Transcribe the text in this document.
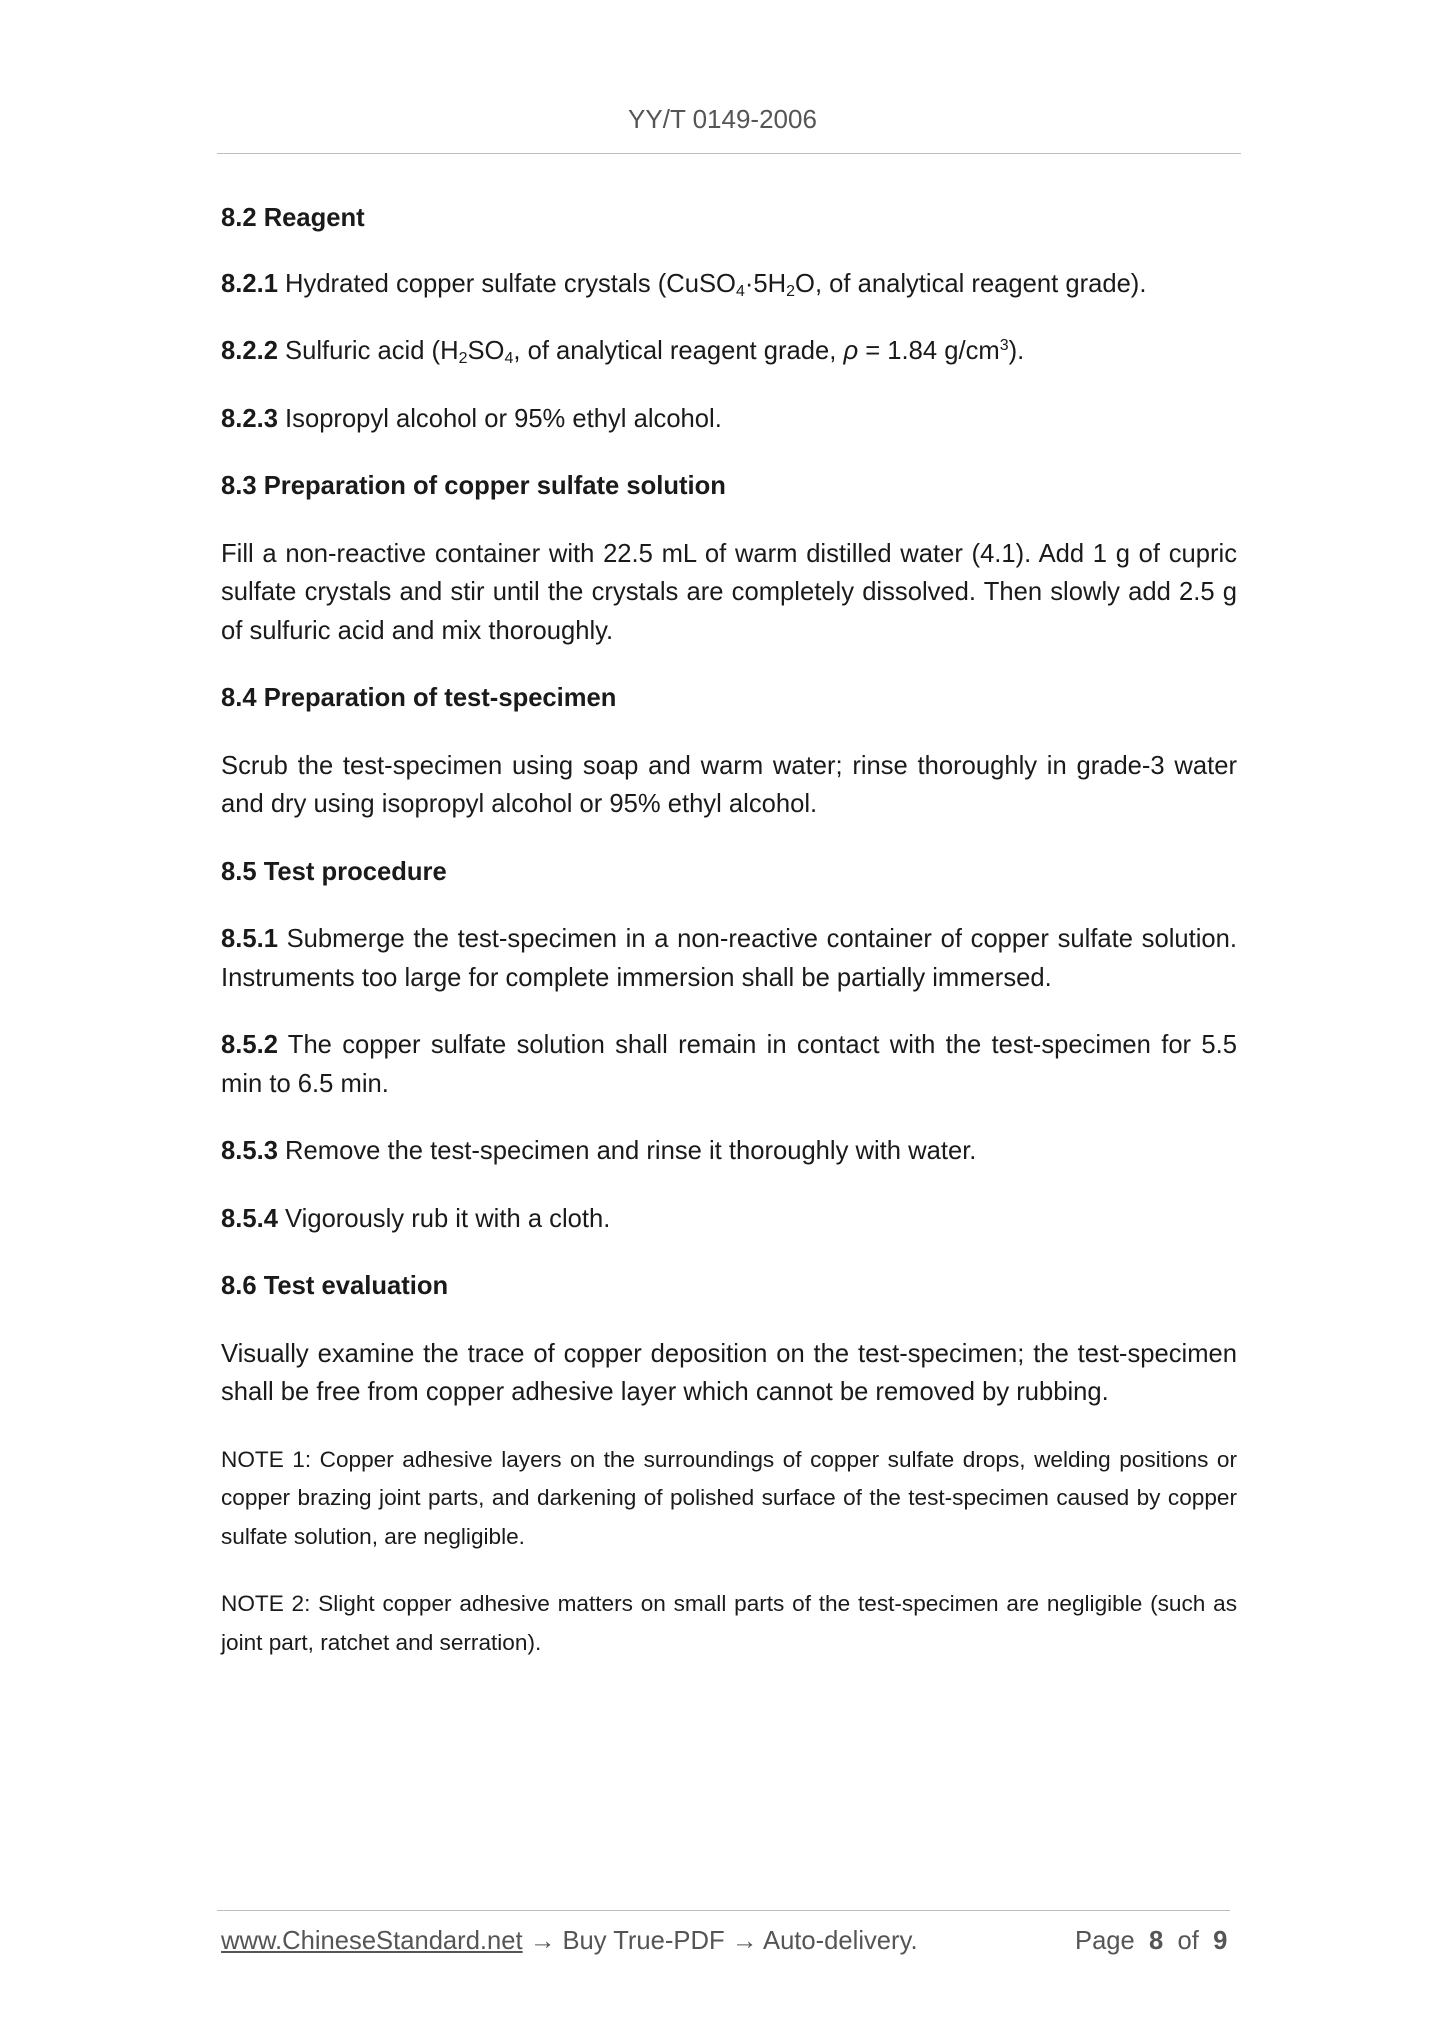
YY/T 0149-2006

8.2 Reagent

8.2.1 Hydrated copper sulfate crystals ($CuSO_4\cdot 5H_2O$, of analytical reagent grade).

8.2.2 Sulfuric acid ($H_2SO_4$, of analytical reagent grade, ρ = 1.84 $g/cm^3$).

8.2.3 Isopropyl alcohol or 95% ethyl alcohol.

8.3 Preparation of copper sulfate solution

Fill a non-reactive container with 22.5 mL of warm distilled water (4.1). Add 1 g of cupric sulfate crystals and stir until the crystals are completely dissolved. Then slowly add 2.5 g of sulfuric acid and mix thoroughly.

8.4 Preparation of test-specimen

Scrub the test-specimen using soap and warm water; rinse thoroughly in grade-3 water and dry using isopropyl alcohol or 95% ethyl alcohol.

8.5 Test procedure

8.5.1 Submerge the test-specimen in a non-reactive container of copper sulfate solution. Instruments too large for complete immersion shall be partially immersed.

8.5.2 The copper sulfate solution shall remain in contact with the test-specimen for 5.5 min to 6.5 min.

8.5.3 Remove the test-specimen and rinse it thoroughly with water.

8.5.4 Vigorously rub it with a cloth.

8.6 Test evaluation

Visually examine the trace of copper deposition on the test-specimen; the test-specimen shall be free from copper adhesive layer which cannot be removed by rubbing.

NOTE 1: Copper adhesive layers on the surroundings of copper sulfate drops, welding positions or copper brazing joint parts, and darkening of polished surface of the test-specimen caused by copper sulfate solution, are negligible.

NOTE 2: Slight copper adhesive matters on small parts of the test-specimen are negligible (such as joint part, ratchet and serration).

www.ChineseStandard.net → Buy True-PDF → Auto-delivery.	Page 8 of 9
